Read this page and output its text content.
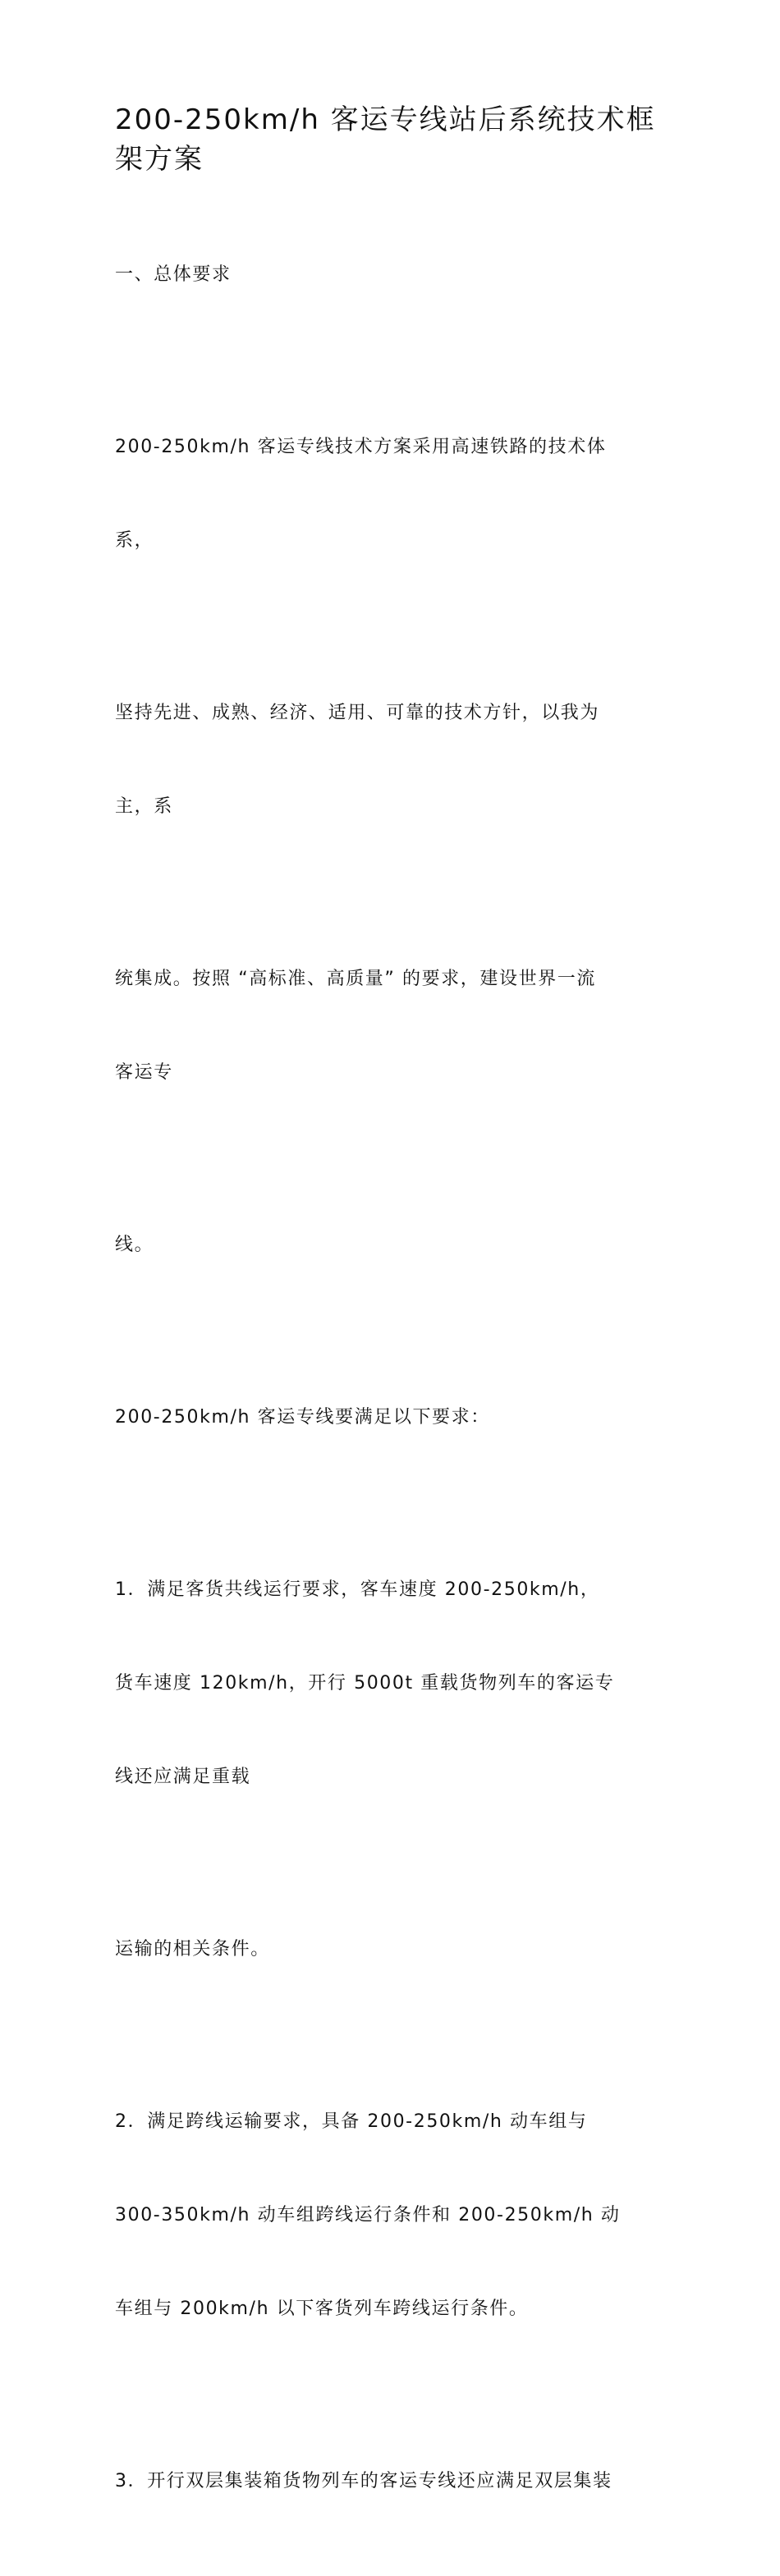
200-250km/h 客运专线站后系统技术框
架方案

一、总体要求

200-250km/h 客运专线技术方案采用高速铁路的技术体

系，

坚持先进、成熟、经济、适用、可靠的技术方针，以我为

主，系

统集成。按照 “高标准、高质量” 的要求，建设世界一流

客运专

线。

200-250km/h 客运专线要满足以下要求：

1．满足客货共线运行要求，客车速度 200-250km/h，

货车速度 120km/h，开行 5000t 重载货物列车的客运专

线还应满足重载

运输的相关条件。

2．满足跨线运输要求，具备 200-250km/h 动车组与

300-350km/h 动车组跨线运行条件和 200-250km/h 动

车组与 200km/h 以下客货列车跨线运行条件。

3．开行双层集装箱货物列车的客运专线还应满足双层集装
